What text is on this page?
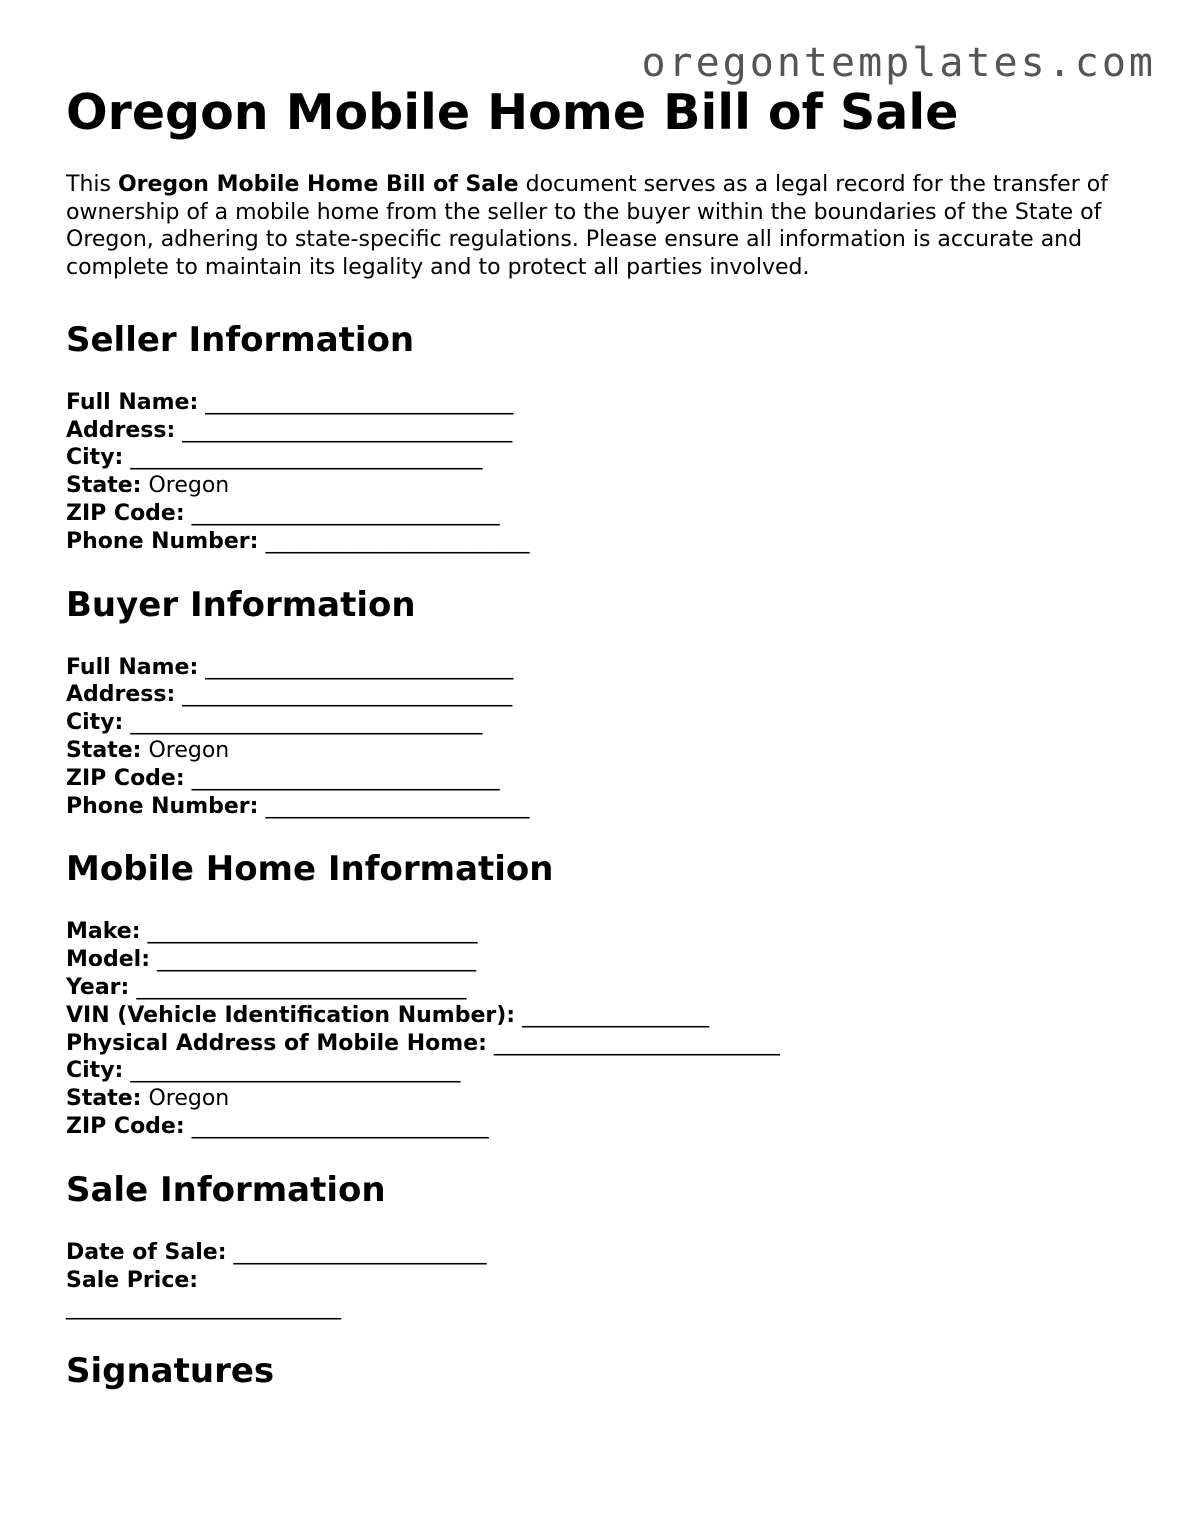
oregontemplates.com
Oregon Mobile Home Bill of Sale

This Oregon Mobile Home Bill of Sale document serves as a legal record for the transfer of ownership of a mobile home from the seller to the buyer within the boundaries of the State of Oregon, adhering to state-specific regulations. Please ensure all information is accurate and complete to maintain its legality and to protect all parties involved.

Seller Information
Full Name: ____________________________
Address: ______________________________
City: ________________________________
State: Oregon
ZIP Code: ____________________________
Phone Number: ________________________
Buyer Information
Full Name: ____________________________
Address: ______________________________
City: ________________________________
State: Oregon
ZIP Code: ____________________________
Phone Number: ________________________
Mobile Home Information
Make: ______________________________
Model: _____________________________
Year: ______________________________
VIN (Vehicle Identification Number): _________________
Physical Address of Mobile Home: __________________________
City: ______________________________
State: Oregon
ZIP Code: ___________________________
Sale Information
Date of Sale: _______________________
Sale Price:
_________________________
Signatures
